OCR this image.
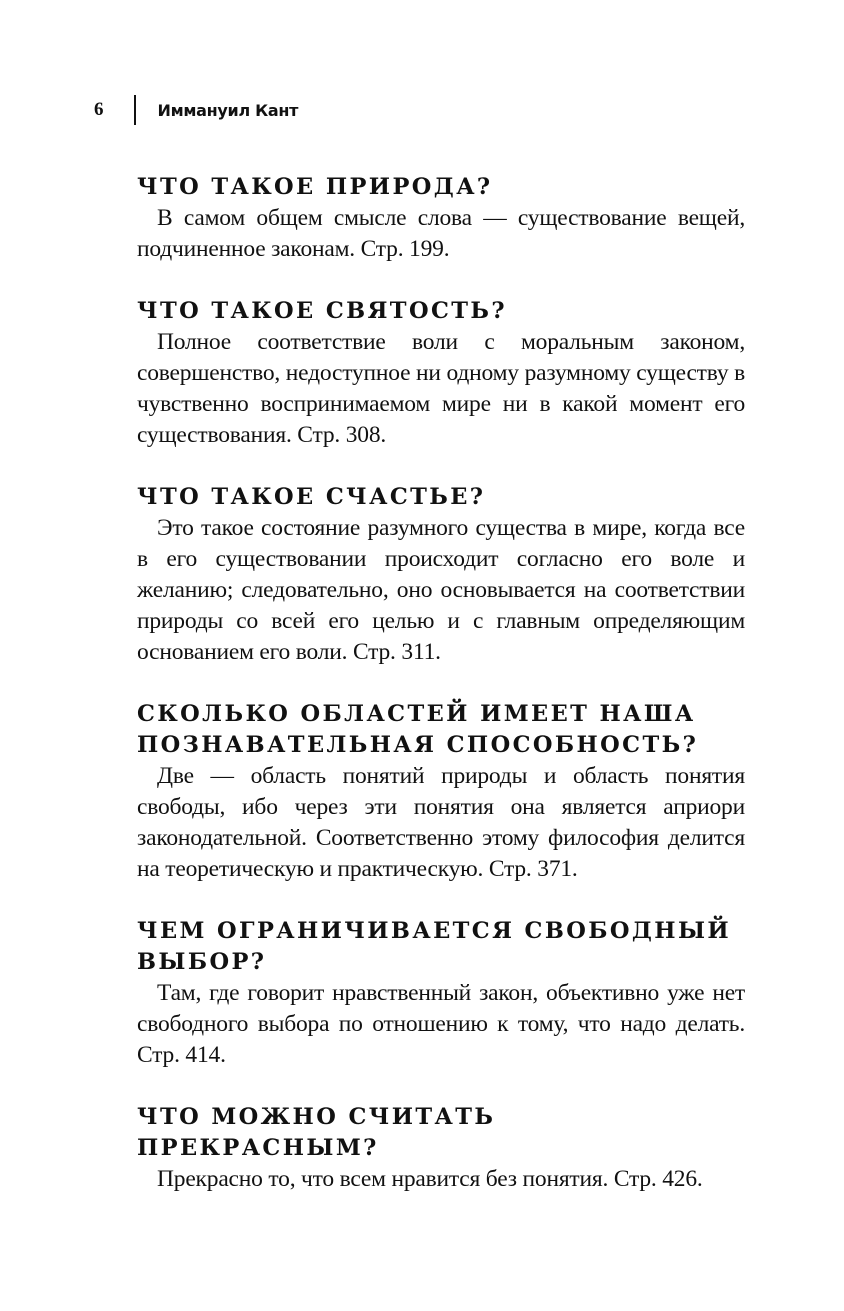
6	Иммануил Кант

ЧТО ТАКОЕ ПРИРОДА?

В самом общем смысле слова — существование вещей, подчиненное законам. Стр. 199.

ЧТО ТАКОЕ СВЯТОСТЬ?

Полное соответствие воли с моральным законом, совершенство, недоступное ни одному разумному существу в чувственно воспринимаемом мире ни в какой момент его существования. Стр. 308.

ЧТО ТАКОЕ СЧАСТЬЕ?

Это такое состояние разумного существа в мире, когда все в его существовании происходит согласно его воле и желанию; следовательно, оно основывается на соответствии природы со всей его целью и с главным определяющим основанием его воли. Стр. 311.

СКОЛЬКО ОБЛАСТЕЙ ИМЕЕТ НАША ПОЗНАВАТЕЛЬНАЯ СПОСОБНОСТЬ?

Две — область понятий природы и область понятия свободы, ибо через эти понятия она является априори законодательной. Соответственно этому философия делится на теоретическую и практическую. Стр. 371.

ЧЕМ ОГРАНИЧИВАЕТСЯ СВОБОДНЫЙ ВЫБОР?

Там, где говорит нравственный закон, объективно уже нет свободного выбора по отношению к тому, что надо делать. Стр. 414.

ЧТО МОЖНО СЧИТАТЬ ПРЕКРАСНЫМ?

Прекрасно то, что всем нравится без понятия. Стр. 426.
